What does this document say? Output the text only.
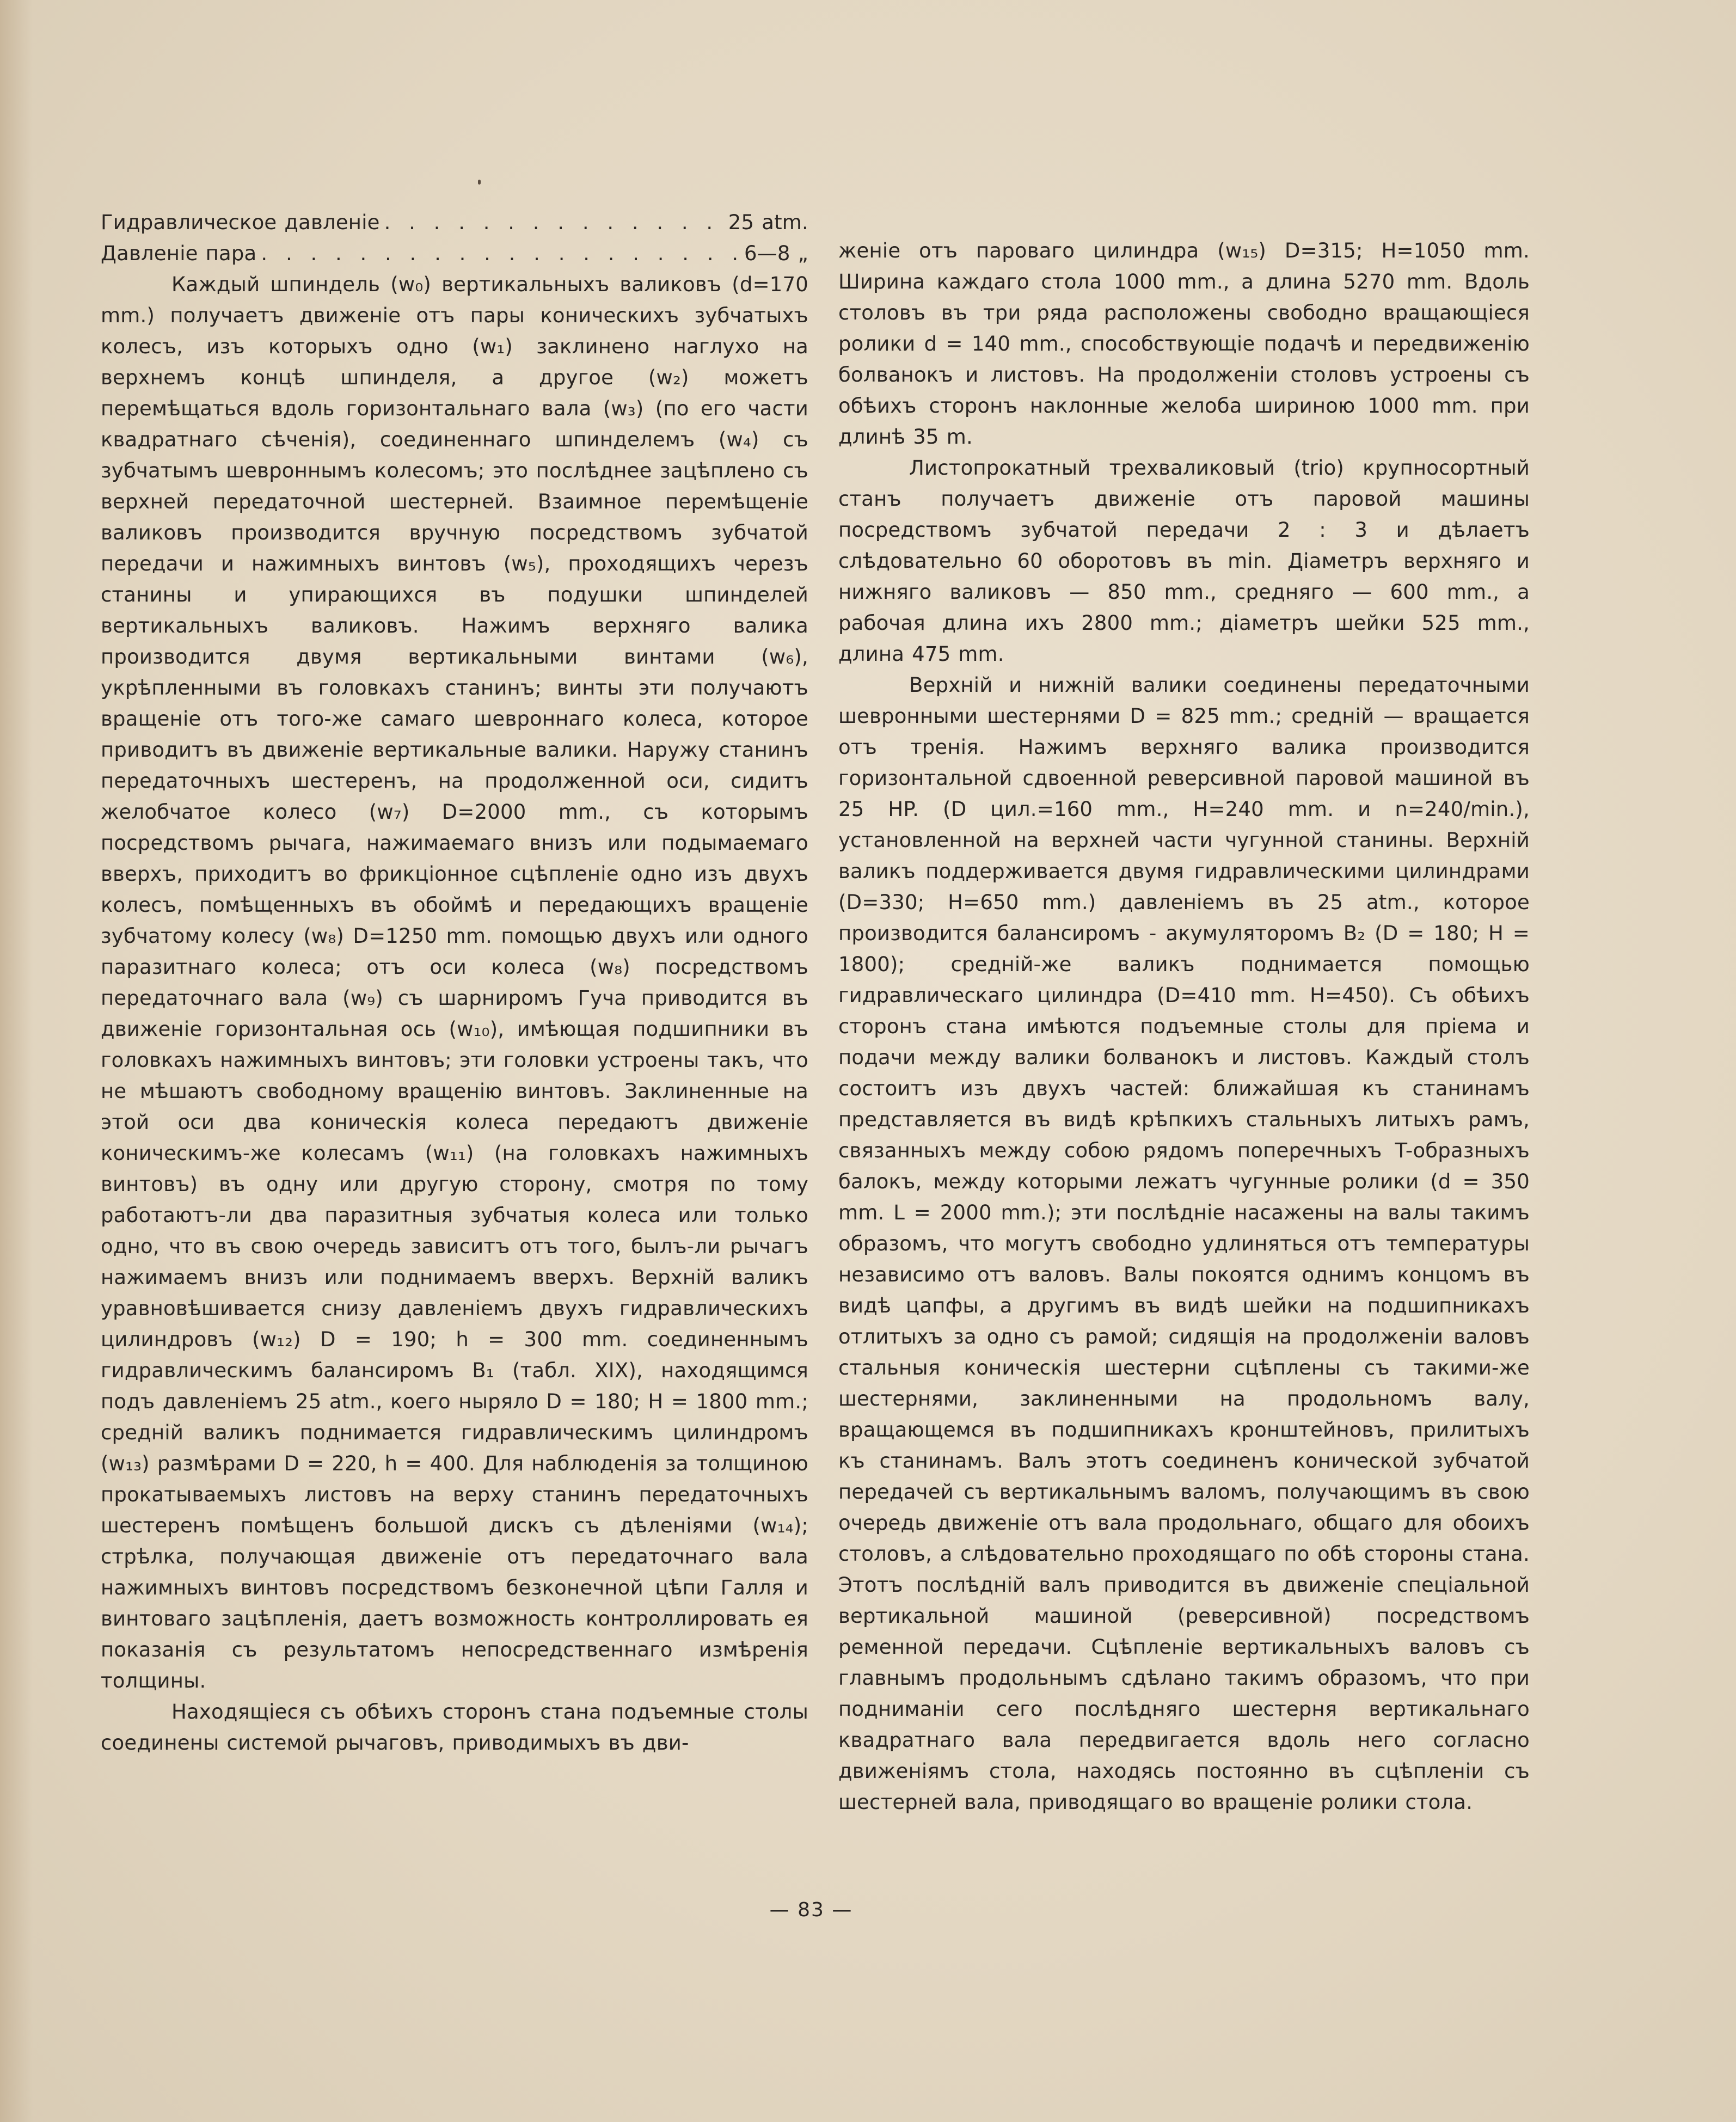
Гидравлическое давленіе . . .	25 atm.
Давленіе пара . . .	6—8 „

Каждый шпиндель (w₀) вертикальныхъ валиковъ (d=170 mm.) получаетъ движеніе отъ пары коническихъ зубчатыхъ колесъ, изъ которыхъ одно (w₁) заклинено наглухо на верхнемъ концѣ шпинделя, а другое (w₂) можетъ перемѣщаться вдоль горизонтальнаго вала (w₃) (по его части квадратнаго сѣченія), соединеннаго шпинделемъ (w₄) съ зубчатымъ шевроннымъ колесомъ; это послѣднее зацѣплено съ верхней передаточной шестерней. Взаимное перемѣщеніе валиковъ производится вручную посредствомъ зубчатой передачи и нажимныхъ винтовъ (w₅), проходящихъ черезъ станины и упирающихся въ подушки шпинделей вертикальныхъ валиковъ. Нажимъ верхняго валика производится двумя вертикальными винтами (w₆), укрѣпленными въ головкахъ станинъ; винты эти получаютъ вращеніе отъ того-же самаго шевроннаго колеса, которое приводитъ въ движеніе вертикальные валики. Наружу станинъ передаточныхъ шестеренъ, на продолженной оси, сидитъ желобчатое колесо (w₇) D=2000 mm., съ которымъ посредствомъ рычага, нажимаемаго внизъ или подымаемаго вверхъ, приходитъ во фрикціонное сцѣпленіе одно изъ двухъ колесъ, помѣщенныхъ въ обоймѣ и передающихъ вращеніе зубчатому колесу (w₈) D=1250 mm. помощью двухъ или одного паразитнаго колеса; отъ оси колеса (w₈) посредствомъ передаточнаго вала (w₉) съ шарниромъ Гуча приводится въ движеніе горизонтальная ось (w₁₀), имѣющая подшипники въ головкахъ нажимныхъ винтовъ; эти головки устроены такъ, что не мѣшаютъ свободному вращенію винтовъ. Заклиненные на этой оси два коническія колеса передаютъ движеніе коническимъ-же колесамъ (w₁₁) (на головкахъ нажимныхъ винтовъ) въ одну или другую сторону, смотря по тому работаютъ-ли два паразитныя зубчатыя колеса или только одно, что въ свою очередь зависитъ отъ того, былъ-ли рычагъ нажимаемъ внизъ или поднимаемъ вверхъ. Верхній валикъ уравновѣшивается снизу давленіемъ двухъ гидравлическихъ цилиндровъ (w₁₂) D = 190; h = 300 mm. соединеннымъ гидравлическимъ балансиромъ B₁ (табл. XIX), находящимся подъ давленіемъ 25 atm., коего ныряло D = 180; H = 1800 mm.; средній валикъ поднимается гидравлическимъ цилиндромъ (w₁₃) размѣрами D = 220, h = 400. Для наблюденія за толщиною прокатываемыхъ листовъ на верху станинъ передаточныхъ шестеренъ помѣщенъ большой дискъ съ дѣленіями (w₁₄); стрѣлка, получающая движеніе отъ передаточнаго вала нажимныхъ винтовъ посредствомъ безконечной цѣпи Галля и винтоваго зацѣпленія, даетъ возможность контроллировать ея показанія съ результатомъ непосредственнаго измѣренія толщины.

Находящіеся съ обѣихъ сторонъ стана подъемные столы соединены системой рычаговъ, приводимыхъ въ дви-

женіе отъ пароваго цилиндра (w₁₅) D=315; H=1050 mm. Ширина каждаго стола 1000 mm., а длина 5270 mm. Вдоль столовъ въ три ряда расположены свободно вращающіеся ролики d = 140 mm., способствующіе подачѣ и передвиженію болванокъ и листовъ. На продолженіи столовъ устроены съ обѣихъ сторонъ наклонные желоба шириною 1000 mm. при длинѣ 35 m.

Листопрокатный трехваликовый (trio) крупносортный станъ получаетъ движеніе отъ паровой машины посредствомъ зубчатой передачи 2 : 3 и дѣлаетъ слѣдовательно 60 оборотовъ въ min. Діаметръ верхняго и нижняго валиковъ — 850 mm., средняго — 600 mm., а рабочая длина ихъ 2800 mm.; діаметръ шейки 525 mm., длина 475 mm.

Верхній и нижній валики соединены передаточными шевронными шестернями D = 825 mm.; средній — вращается отъ тренія. Нажимъ верхняго валика производится горизонтальной сдвоенной реверсивной паровой машиной въ 25 HP. (D цил.=160 mm., H=240 mm. и n=240/min.), установленной на верхней части чугунной станины. Верхній валикъ поддерживается двумя гидравлическими цилиндрами (D=330; H=650 mm.) давленіемъ въ 25 atm., которое производится балансиромъ - акумуляторомъ B₂ (D = 180; H = 1800); средній-же валикъ поднимается помощью гидравлическаго цилиндра (D=410 mm. H=450). Съ обѣихъ сторонъ стана имѣются подъемные столы для пріема и подачи между валики болванокъ и листовъ. Каждый столъ состоитъ изъ двухъ частей: ближайшая къ станинамъ представляется въ видѣ крѣпкихъ стальныхъ литыхъ рамъ, связанныхъ между собою рядомъ поперечныхъ T-образныхъ балокъ, между которыми лежатъ чугунные ролики (d = 350 mm. L = 2000 mm.); эти послѣдніе насажены на валы такимъ образомъ, что могутъ свободно удлиняться отъ температуры независимо отъ валовъ. Валы покоятся однимъ концомъ въ видѣ цапфы, а другимъ въ видѣ шейки на подшипникахъ отлитыхъ за одно съ рамой; сидящія на продолженіи валовъ стальныя коническія шестерни сцѣплены съ такими-же шестернями, заклиненными на продольномъ валу, вращающемся въ подшипникахъ кронштейновъ, прилитыхъ къ станинамъ. Валъ этотъ соединенъ конической зубчатой передачей съ вертикальнымъ валомъ, получающимъ въ свою очередь движеніе отъ вала продольнаго, общаго для обоихъ столовъ, а слѣдовательно проходящаго по обѣ стороны стана. Этотъ послѣдній валъ приводится въ движеніе спеціальной вертикальной машиной (реверсивной) посредствомъ ременной передачи. Сцѣпленіе вертикальныхъ валовъ съ главнымъ продольнымъ сдѣлано такимъ образомъ, что при подниманіи сего послѣдняго шестерня вертикальнаго квадратнаго вала передвигается вдоль него согласно движеніямъ стола, находясь постоянно въ сцѣпленіи съ шестерней вала, приводящаго во вращеніе ролики стола.

— 83 —
